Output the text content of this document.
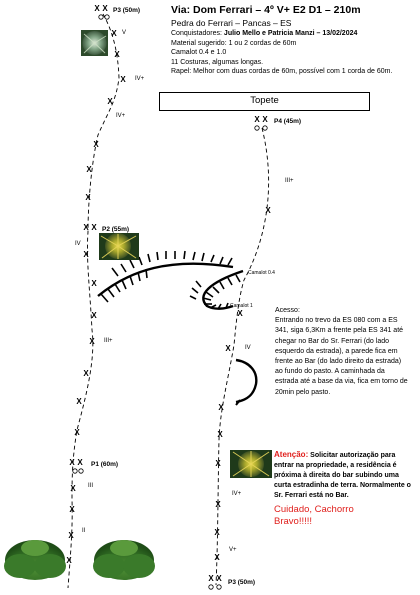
X X P3 (50m)
X
X
X
X
X
X
X
V
IV+
IV+
X X P2 (55m)
IV
X
X
X
X
X
X
X
III+
X X P1 (60m)
X
X
X
X
III
II
X X P4 (45m)
III+
X
X
X
X
X
X
X
X
X
IV
IV+
V+
Camalot 0.4
Camalot 1
X X P3 (50m)
Via: Dom Ferrari – 4º V+ E2 D1 – 210m
Pedra do Ferrari – Pancas – ES
Conquistadores: Julio Mello e Patricia Manzi – 13/02/2024
Material sugerido: 1 ou 2 cordas de 60m
Camalot 0.4 e 1.0
11 Costuras, algumas longas.
Rapel: Melhor com duas cordas de 60m, possível com 1 corda de 60m.
Topete
Acesso:
Entrando no trevo da ES 080 com a ES 341, siga 6,3Km a frente pela ES 341 até chegar no Bar do Sr. Ferrari (do lado esquerdo da estrada), a parede fica em frente ao Bar (do lado direito da estrada) ao fundo do pasto. A caminhada da estrada até a base da via, fica em torno de 20min pelo pasto.
Atenção: Solicitar autorização para entrar na propriedade, a residência é próxima à direita do bar subindo uma curta estradinha de terra. Normalmente o Sr. Ferrari está no Bar.
Cuidado, Cachorro Bravo!!!!!
